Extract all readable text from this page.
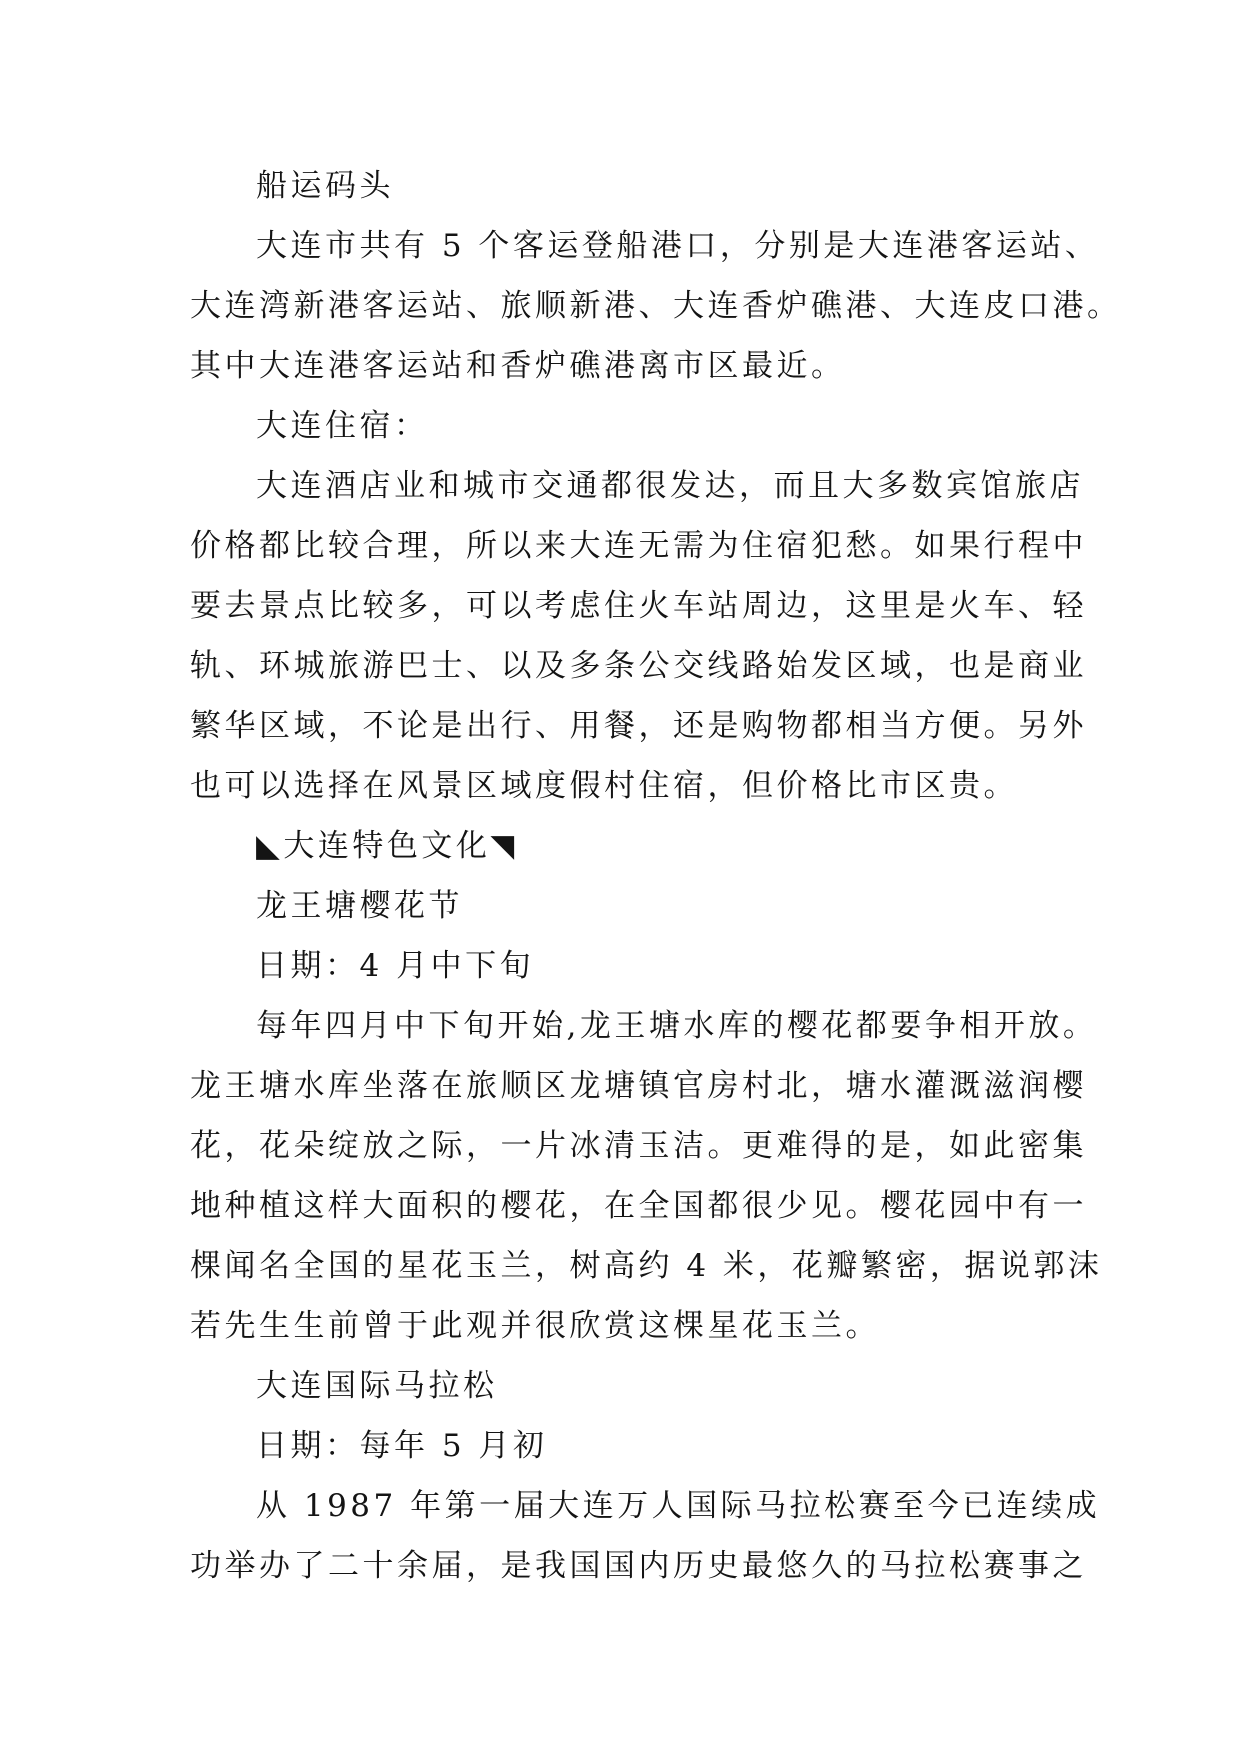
船运码头
大连市共有 5 个客运登船港口，分别是大连港客运站、
大连湾新港客运站、旅顺新港、大连香炉礁港、大连皮口港。
其中大连港客运站和香炉礁港离市区最近。
大连住宿：
大连酒店业和城市交通都很发达，而且大多数宾馆旅店
价格都比较合理，所以来大连无需为住宿犯愁。如果行程中
要去景点比较多，可以考虑住火车站周边，这里是火车、轻
轨、环城旅游巴士、以及多条公交线路始发区域，也是商业
繁华区域，不论是出行、用餐，还是购物都相当方便。另外
也可以选择在风景区域度假村住宿，但价格比市区贵。
◣大连特色文化◥
龙王塘樱花节
日期：4 月中下旬
每年四月中下旬开始,龙王塘水库的樱花都要争相开放。
龙王塘水库坐落在旅顺区龙塘镇官房村北，塘水灌溉滋润樱
花，花朵绽放之际，一片冰清玉洁。更难得的是，如此密集
地种植这样大面积的樱花，在全国都很少见。樱花园中有一
棵闻名全国的星花玉兰，树高约 4 米，花瓣繁密，据说郭沫
若先生生前曾于此观并很欣赏这棵星花玉兰。
大连国际马拉松
日期：每年 5 月初
从 1987 年第一届大连万人国际马拉松赛至今已连续成
功举办了二十余届，是我国国内历史最悠久的马拉松赛事之
